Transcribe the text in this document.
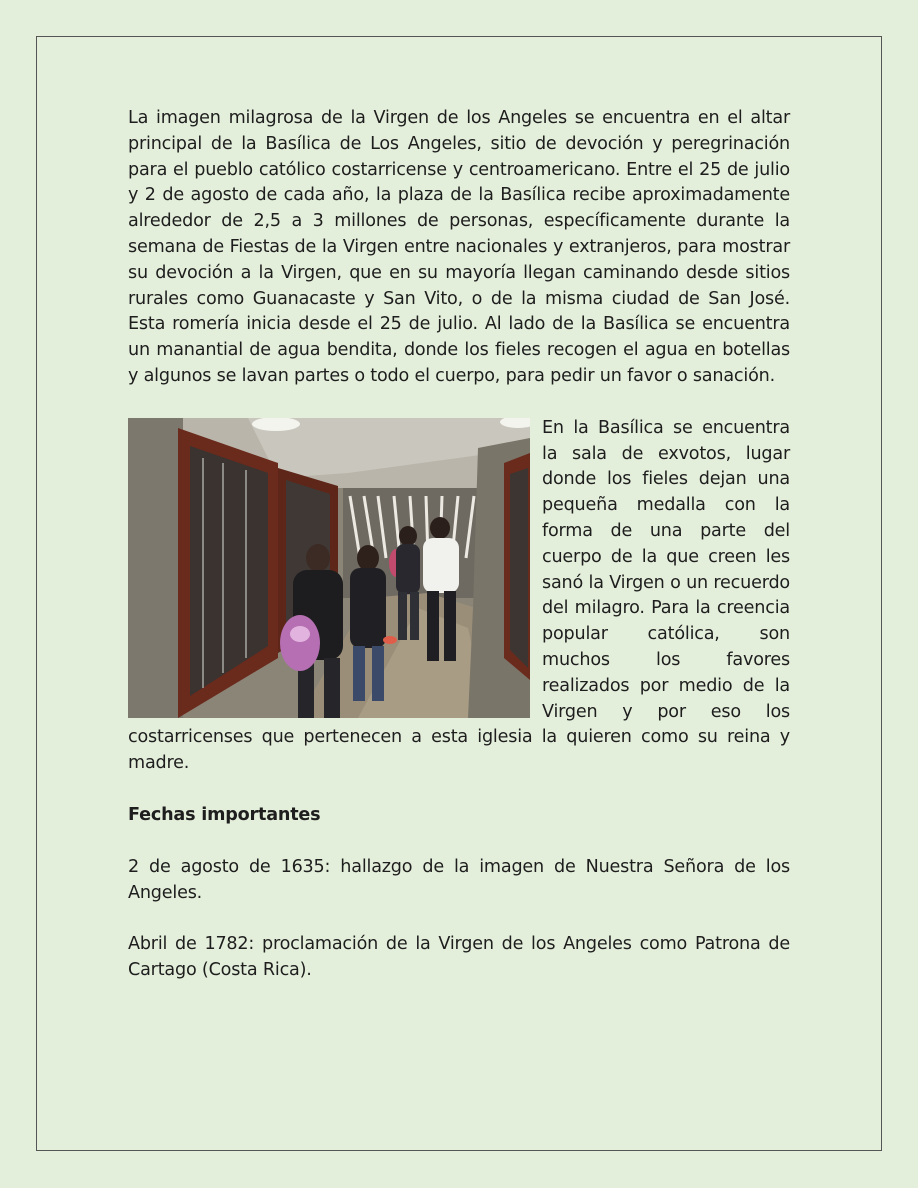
La imagen milagrosa de la Virgen de los Angeles se encuentra en el altar principal de la Basílica de Los Angeles, sitio de devoción y peregrinación para el pueblo católico costarricense y centroamericano. Entre el 25 de julio y 2 de agosto de cada año, la plaza de la Basílica recibe aproximadamente alrededor de 2,5 a 3 millones de personas, específicamente durante la semana de Fiestas de la Virgen entre nacionales y extranjeros, para mostrar su devoción a la Virgen, que en su mayoría llegan caminando desde sitios rurales como Guanacaste y San Vito, o de la misma ciudad de San José. Esta romería inicia desde el 25 de julio. Al lado de la Basílica se encuentra un manantial de agua bendita, donde los fieles recogen el agua en botellas y algunos se lavan partes o todo el cuerpo, para pedir un favor o sanación.

En la Basílica se encuentra la sala de exvotos, lugar donde los fieles dejan una pequeña medalla con la forma de una parte del cuerpo de la que creen les sanó la Virgen o un recuerdo del milagro. Para la creencia popular católica, son muchos los favores realizados por medio de la Virgen y por eso los costarricenses que pertenecen a esta iglesia la quieren como su reina y madre.

Fechas importantes

2 de agosto de 1635: hallazgo de la imagen de Nuestra Señora de los Angeles.

Abril de 1782: proclamación de la Virgen de los Angeles como Patrona de Cartago (Costa Rica).
